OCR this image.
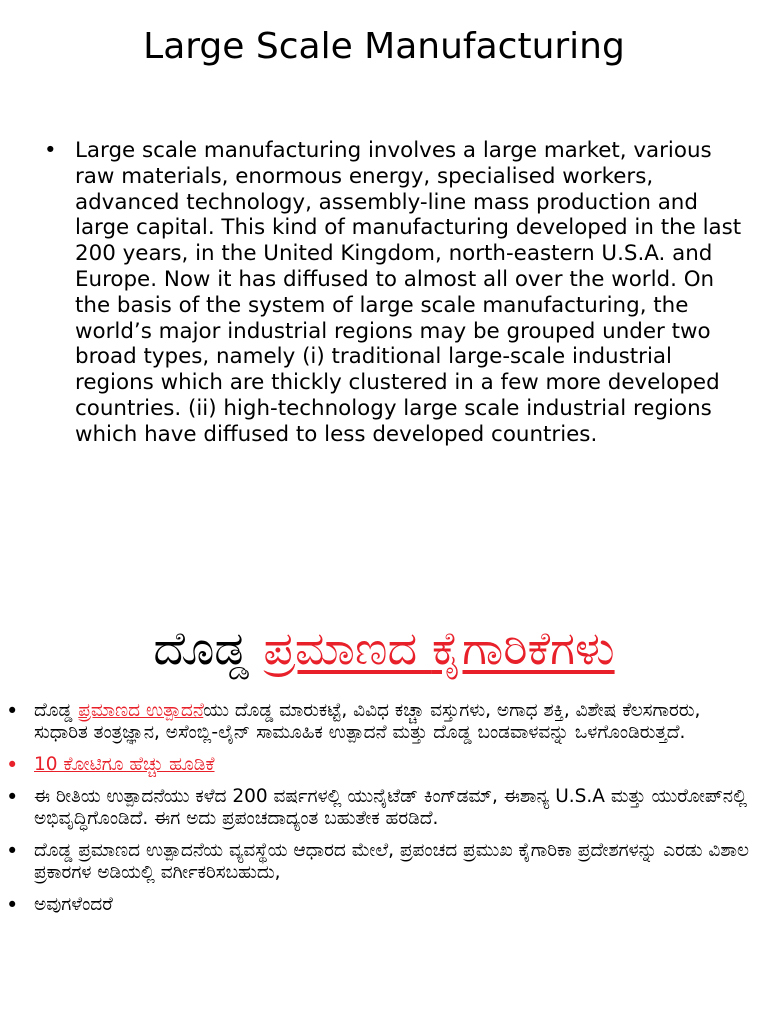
Large Scale Manufacturing
• Large scale manufacturing involves a large market, various raw materials, enormous energy, specialised workers, advanced technology, assembly-line mass production and large capital. This kind of manufacturing developed in the last 200 years, in the United Kingdom, north-eastern U.S.A. and Europe. Now it has diffused to almost all over the world. On the basis of the system of large scale manufacturing, the world’s major industrial regions may be grouped under two broad types, namely (i) traditional large-scale industrial regions which are thickly clustered in a few more developed countries. (ii) high-technology large scale industrial regions which have diffused to less developed countries.
ದೊಡ್ಡ ಪ್ರಮಾಣದ ಕೈಗಾರಿಕೆಗಳು
• ದೊಡ್ಡ ಪ್ರಮಾಣದ ಉತ್ಪಾದನೆಯು ದೊಡ್ಡ ಮಾರುಕಟ್ಟೆ, ವಿವಿಧ ಕಚ್ಚಾ ವಸ್ತುಗಳು, ಅಗಾಧ ಶಕ್ತಿ, ವಿಶೇಷ ಕೆಲಸಗಾರರು, ಸುಧಾರಿತ ತಂತ್ರಜ್ಞಾನ, ಅಸೆಂಬ್ಲಿ-ಲೈನ್ ಸಾಮೂಹಿಕ ಉತ್ಪಾದನೆ ಮತ್ತು ದೊಡ್ಡ ಬಂಡವಾಳವನ್ನು ಒಳಗೊಂಡಿರುತ್ತದೆ.
• 10 ಕೋಟಿಗೂ ಹೆಚ್ಚು ಹೂಡಿಕೆ
• ಈ ರೀತಿಯ ಉತ್ಪಾದನೆಯು ಕಳೆದ 200 ವರ್ಷಗಳಲ್ಲಿ ಯುನೈಟೆಡ್ ಕಿಂಗ್‌ಡಮ್, ಈಶಾನ್ಯ U.S.A ಮತ್ತು ಯುರೋಪ್‌ನಲ್ಲಿ ಅಭಿವೃದ್ಧಿಗೊಂಡಿದೆ. ಈಗ ಅದು ಪ್ರಪಂಚದಾದ್ಯಂತ ಬಹುತೇಕ ಹರಡಿದೆ.
• ದೊಡ್ಡ ಪ್ರಮಾಣದ ಉತ್ಪಾದನೆಯ ವ್ಯವಸ್ಥೆಯ ಆಧಾರದ ಮೇಲೆ, ಪ್ರಪಂಚದ ಪ್ರಮುಖ ಕೈಗಾರಿಕಾ ಪ್ರದೇಶಗಳನ್ನು ಎರಡು ವಿಶಾಲ ಪ್ರಕಾರಗಳ ಅಡಿಯಲ್ಲಿ ವರ್ಗೀಕರಿಸಬಹುದು,
• ಅವುಗಳೆಂದರೆ
